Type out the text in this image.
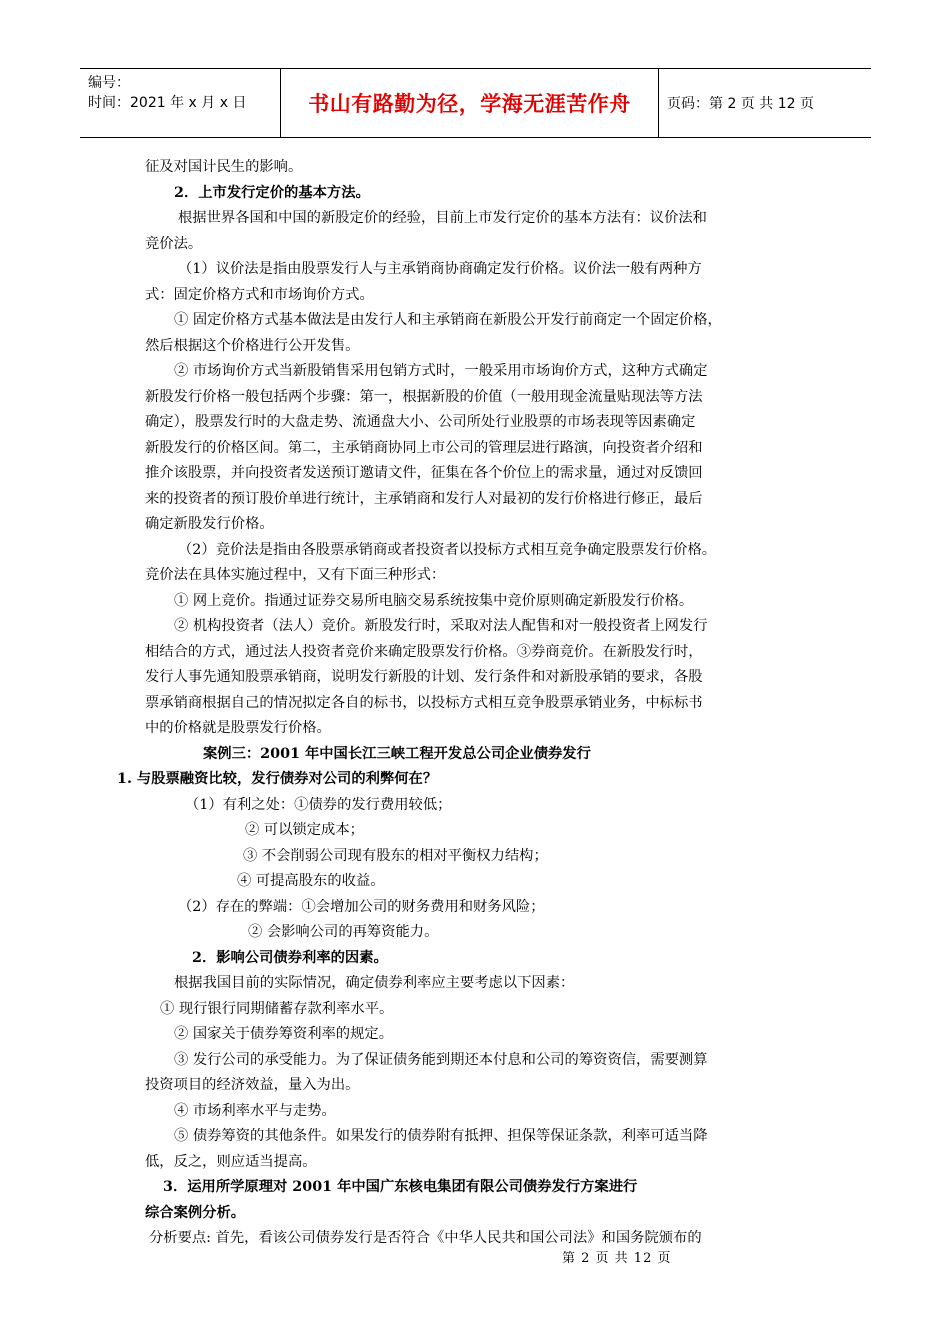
编号：
时间：2021 年 x 月 x 日	书山有路勤为径，学海无涯苦作舟	页码：第 2 页 共 12 页

征及对国计民生的影响。

2．上市发行定价的基本方法。

根据世界各国和中国的新股定价的经验，目前上市发行定价的基本方法有：议价法和

竞价法。

（1）议价法是指由股票发行人与主承销商协商确定发行价格。议价法一般有两种方

式：固定价格方式和市场询价方式。

① 固定价格方式基本做法是由发行人和主承销商在新股公开发行前商定一个固定价格，

然后根据这个价格进行公开发售。

② 市场询价方式当新股销售采用包销方式时，一般采用市场询价方式，这种方式确定

新股发行价格一般包括两个步骤：第一，根据新股的价值（一般用现金流量贴现法等方法

确定），股票发行时的大盘走势、流通盘大小、公司所处行业股票的市场表现等因素确定

新股发行的价格区间。第二，主承销商协同上市公司的管理层进行路演，向投资者介绍和

推介该股票，并向投资者发送预订邀请文件，征集在各个价位上的需求量，通过对反馈回

来的投资者的预订股价单进行统计，主承销商和发行人对最初的发行价格进行修正，最后

确定新股发行价格。

（2）竞价法是指由各股票承销商或者投资者以投标方式相互竞争确定股票发行价格。

竞价法在具体实施过程中，又有下面三种形式：

① 网上竞价。指通过证券交易所电脑交易系统按集中竞价原则确定新股发行价格。

② 机构投资者（法人）竞价。新股发行时，采取对法人配售和对一般投资者上网发行

相结合的方式，通过法人投资者竞价来确定股票发行价格。③券商竞价。在新股发行时，

发行人事先通知股票承销商，说明发行新股的计划、发行条件和对新股承销的要求，各股

票承销商根据自己的情况拟定各自的标书，以投标方式相互竞争股票承销业务，中标标书

中的价格就是股票发行价格。

案例三：2001 年中国长江三峡工程开发总公司企业债券发行

1. 与股票融资比较，发行债券对公司的利弊何在？

（1）有利之处：①债券的发行费用较低；

② 可以锁定成本；

③ 不会削弱公司现有股东的相对平衡权力结构；

④ 可提高股东的收益。

（2）存在的弊端：①会增加公司的财务费用和财务风险；

② 会影响公司的再筹资能力。

2．影响公司债券利率的因素。

根据我国目前的实际情况，确定债券利率应主要考虑以下因素：

① 现行银行同期储蓄存款利率水平。

② 国家关于债券筹资利率的规定。

③ 发行公司的承受能力。为了保证债务能到期还本付息和公司的筹资资信，需要测算

投资项目的经济效益，量入为出。

④ 市场利率水平与走势。

⑤ 债券筹资的其他条件。如果发行的债券附有抵押、担保等保证条款，利率可适当降

低，反之，则应适当提高。

3．运用所学原理对 2001 年中国广东核电集团有限公司债券发行方案进行

综合案例分析。

分析要点: 首先，看该公司债券发行是否符合《中华人民共和国公司法》和国务院颁布的

第 2 页 共 12 页
